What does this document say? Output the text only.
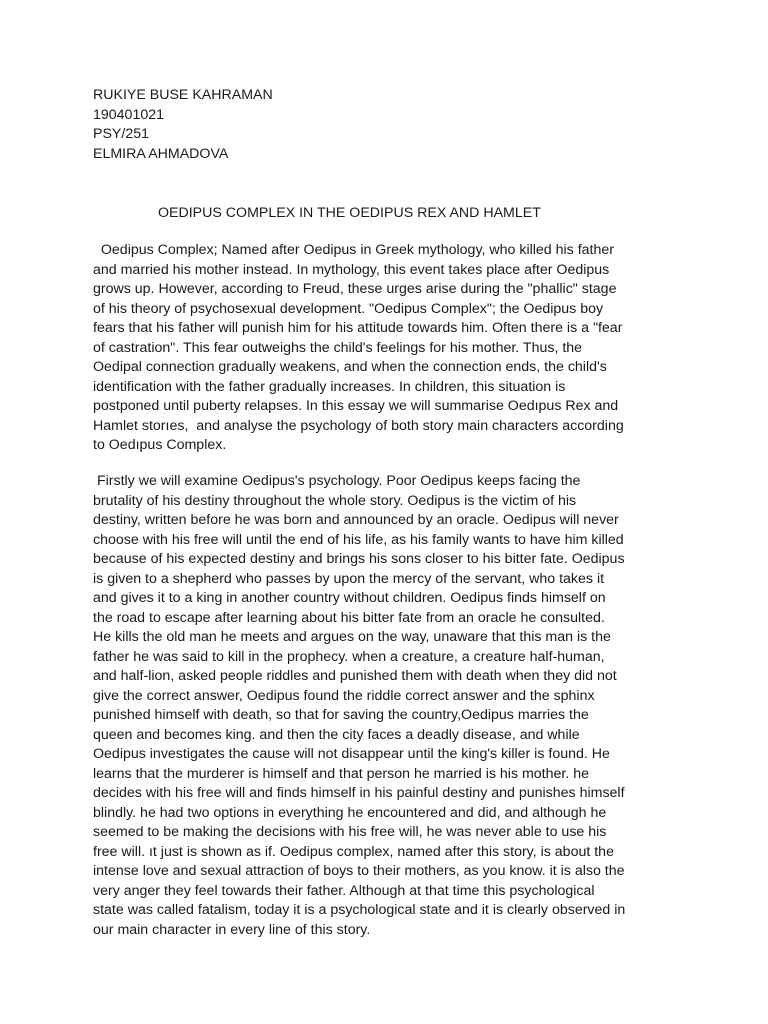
RUKIYE BUSE KAHRAMAN
190401021
PSY/251
ELMIRA AHMADOVA
OEDIPUS COMPLEX IN THE OEDIPUS REX AND HAMLET
Oedipus Complex; Named after Oedipus in Greek mythology, who killed his father
and married his mother instead. In mythology, this event takes place after Oedipus
grows up. However, according to Freud, these urges arise during the "phallic" stage
of his theory of psychosexual development. "Oedipus Complex"; the Oedipus boy
fears that his father will punish him for his attitude towards him. Often there is a "fear
of castration". This fear outweighs the child's feelings for his mother. Thus, the
Oedipal connection gradually weakens, and when the connection ends, the child's
identification with the father gradually increases. In children, this situation is
postponed until puberty relapses. In this essay we will summarise Oedıpus Rex and
Hamlet storıes,  and analyse the psychology of both story main characters according
to Oedıpus Complex.
Firstly we will examine Oedipus's psychology. Poor Oedipus keeps facing the
brutality of his destiny throughout the whole story. Oedipus is the victim of his
destiny, written before he was born and announced by an oracle. Oedipus will never
choose with his free will until the end of his life, as his family wants to have him killed
because of his expected destiny and brings his sons closer to his bitter fate. Oedipus
is given to a shepherd who passes by upon the mercy of the servant, who takes it
and gives it to a king in another country without children. Oedipus finds himself on
the road to escape after learning about his bitter fate from an oracle he consulted.
He kills the old man he meets and argues on the way, unaware that this man is the
father he was said to kill in the prophecy. when a creature, a creature half-human,
and half-lion, asked people riddles and punished them with death when they did not
give the correct answer, Oedipus found the riddle correct answer and the sphinx
punished himself with death, so that for saving the country,Oedipus marries the
queen and becomes king. and then the city faces a deadly disease, and while
Oedipus investigates the cause will not disappear until the king's killer is found. He
learns that the murderer is himself and that person he married is his mother. he
decides with his free will and finds himself in his painful destiny and punishes himself
blindly. he had two options in everything he encountered and did, and although he
seemed to be making the decisions with his free will, he was never able to use his
free will. ıt just is shown as if. Oedipus complex, named after this story, is about the
intense love and sexual attraction of boys to their mothers, as you know. it is also the
very anger they feel towards their father. Although at that time this psychological
state was called fatalism, today it is a psychological state and it is clearly observed in
our main character in every line of this story.
